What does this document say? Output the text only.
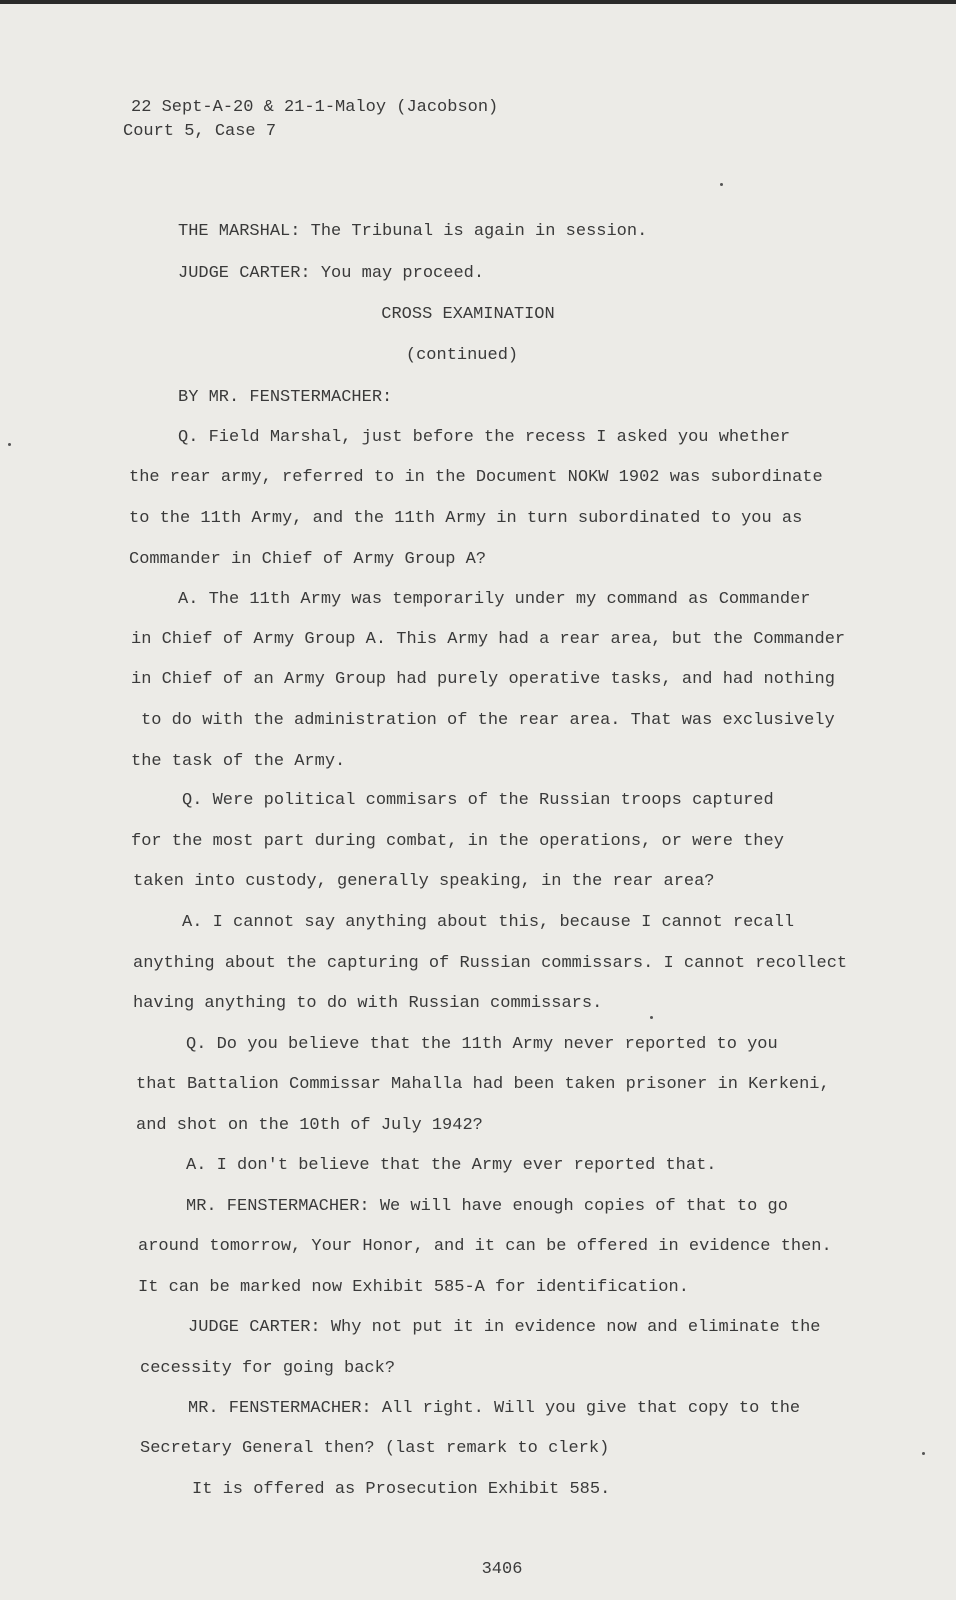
22 Sept-A-20 & 21-1-Maloy (Jacobson)
Court 5, Case 7
THE MARSHAL: The Tribunal is again in session.
JUDGE CARTER: You may proceed.
CROSS EXAMINATION
(continued)
BY MR. FENSTERMACHER:
Q. Field Marshal, just before the recess I asked you whether
the rear army, referred to in the Document NOKW 1902 was subordinate
to the 11th Army, and the 11th Army in turn subordinated to you as
Commander in Chief of Army Group A?
A. The 11th Army was temporarily under my command as Commander
in Chief of Army Group A. This Army had a rear area, but the Commander
in Chief of an Army Group had purely operative tasks, and had nothing
to do with the administration of the rear area. That was exclusively
the task of the Army.
Q. Were political commisars of the Russian troops captured
for the most part during combat, in the operations, or were they
taken into custody, generally speaking, in the rear area?
A. I cannot say anything about this, because I cannot recall
anything about the capturing of Russian commissars. I cannot recollect
having anything to do with Russian commissars.
Q. Do you believe that the 11th Army never reported to you
that Battalion Commissar Mahalla had been taken prisoner in Kerkeni,
and shot on the 10th of July 1942?
A. I don't believe that the Army ever reported that.
MR. FENSTERMACHER: We will have enough copies of that to go
around tomorrow, Your Honor, and it can be offered in evidence then.
It can be marked now Exhibit 585-A for identification.
JUDGE CARTER: Why not put it in evidence now and eliminate the
cecessity for going back?
MR. FENSTERMACHER: All right. Will you give that copy to the
Secretary General then? (last remark to clerk)
It is offered as Prosecution Exhibit 585.
3406
